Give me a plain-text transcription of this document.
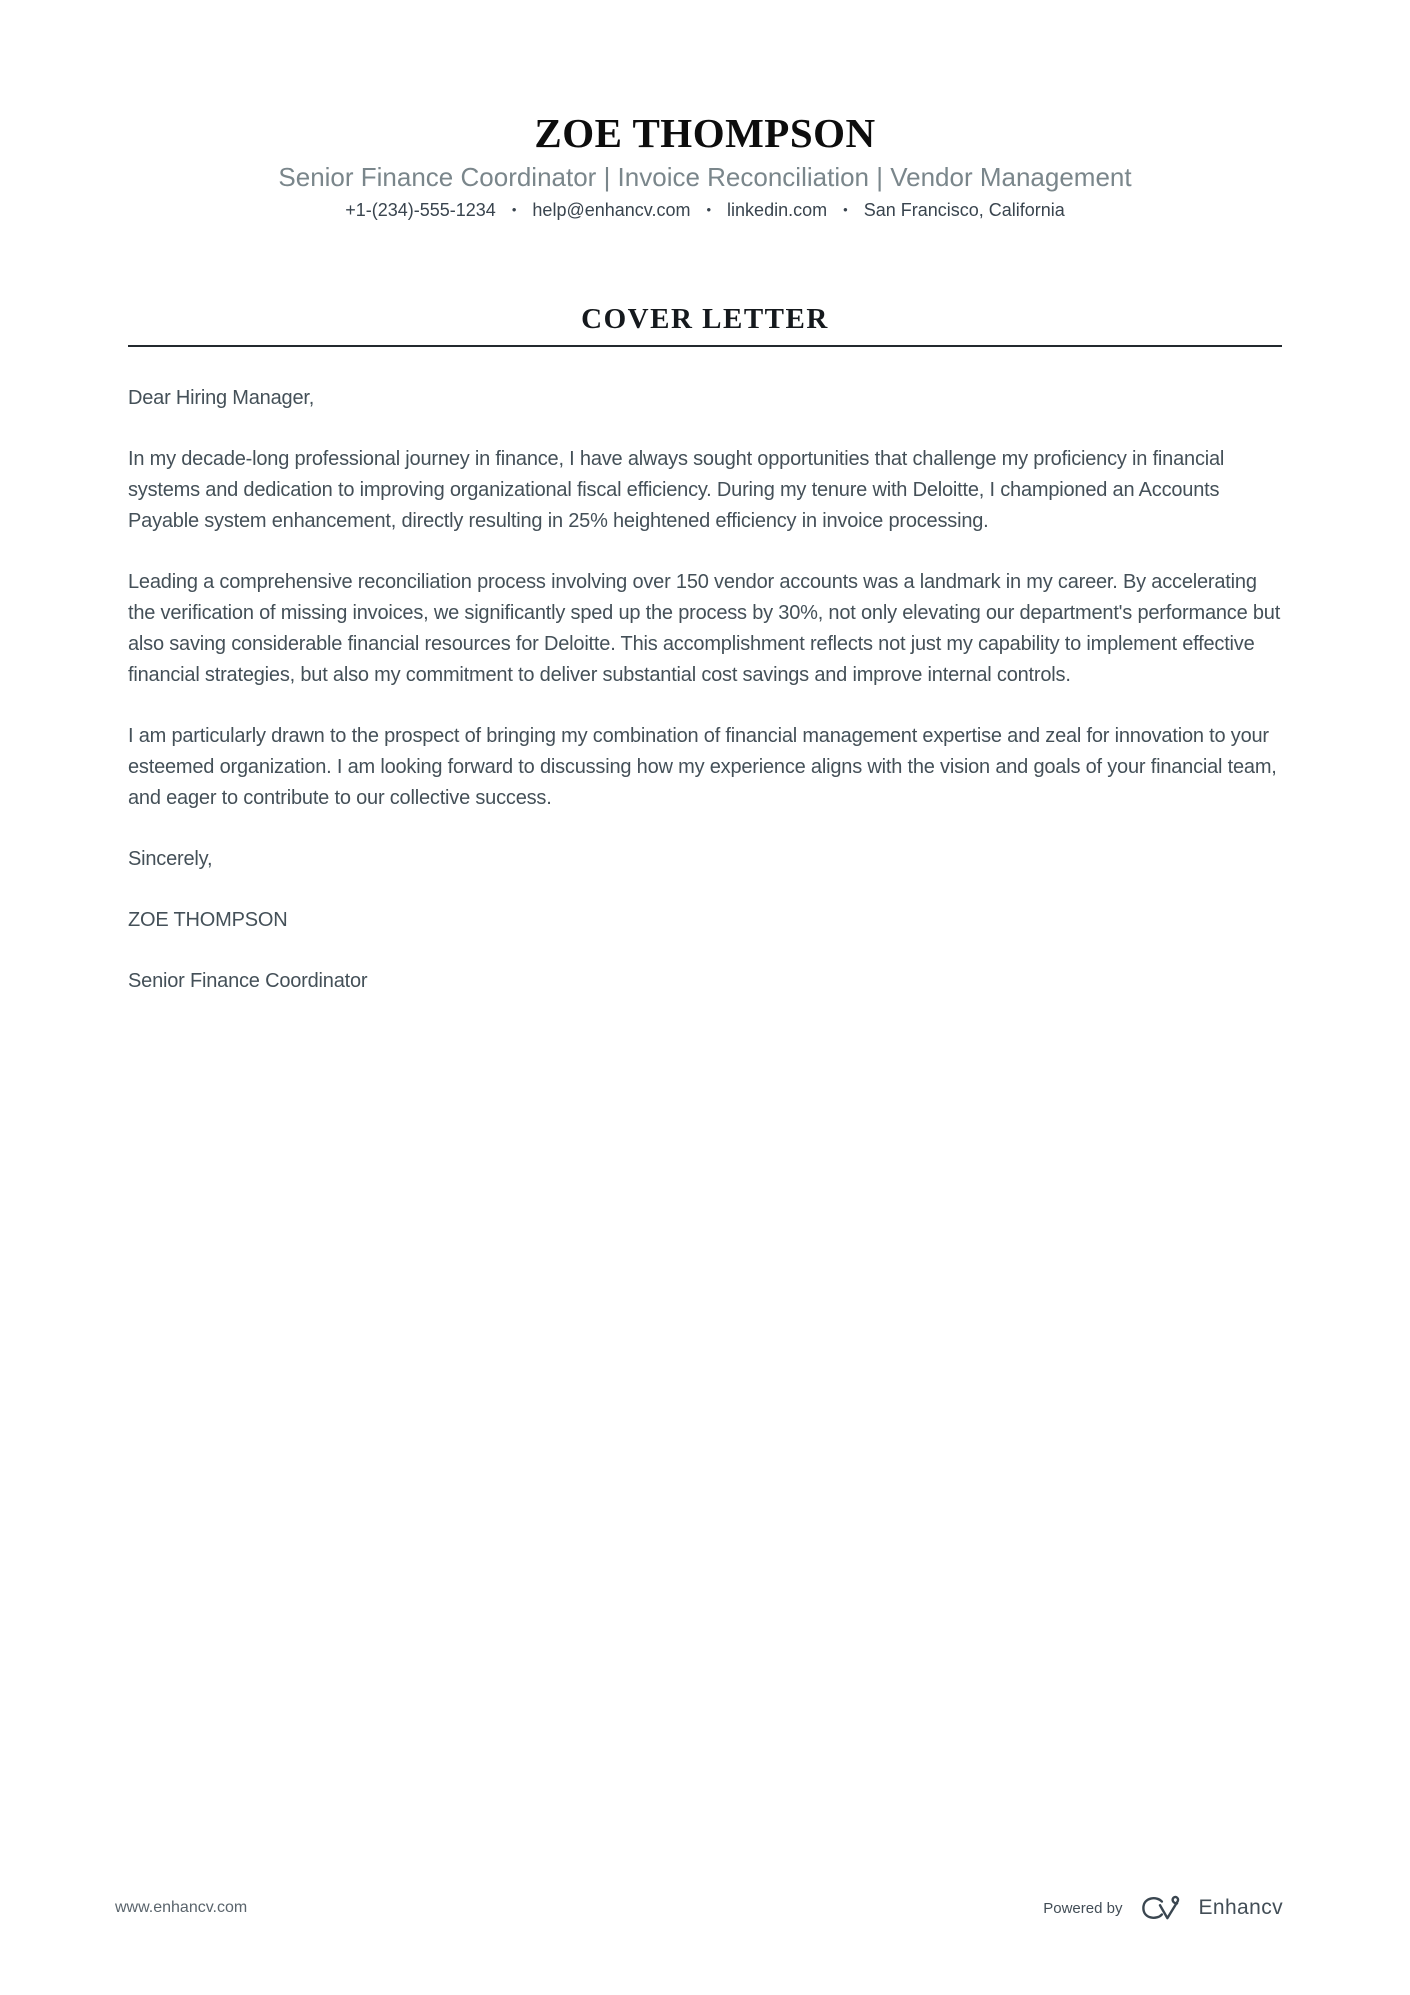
ZOE THOMPSON
Senior Finance Coordinator | Invoice Reconciliation | Vendor Management
+1-(234)-555-1234 • help@enhancv.com • linkedin.com • San Francisco, California
COVER LETTER

Dear Hiring Manager,

In my decade-long professional journey in finance, I have always sought opportunities that challenge my proficiency in financial systems and dedication to improving organizational fiscal efficiency. During my tenure with Deloitte, I championed an Accounts Payable system enhancement, directly resulting in 25% heightened efficiency in invoice processing.

Leading a comprehensive reconciliation process involving over 150 vendor accounts was a landmark in my career. By accelerating the verification of missing invoices, we significantly sped up the process by 30%, not only elevating our department's performance but also saving considerable financial resources for Deloitte. This accomplishment reflects not just my capability to implement effective financial strategies, but also my commitment to deliver substantial cost savings and improve internal controls.

I am particularly drawn to the prospect of bringing my combination of financial management expertise and zeal for innovation to your esteemed organization. I am looking forward to discussing how my experience aligns with the vision and goals of your financial team, and eager to contribute to our collective success.

Sincerely,

ZOE THOMPSON

Senior Finance Coordinator

www.enhancv.com	Powered by	Enhancv
